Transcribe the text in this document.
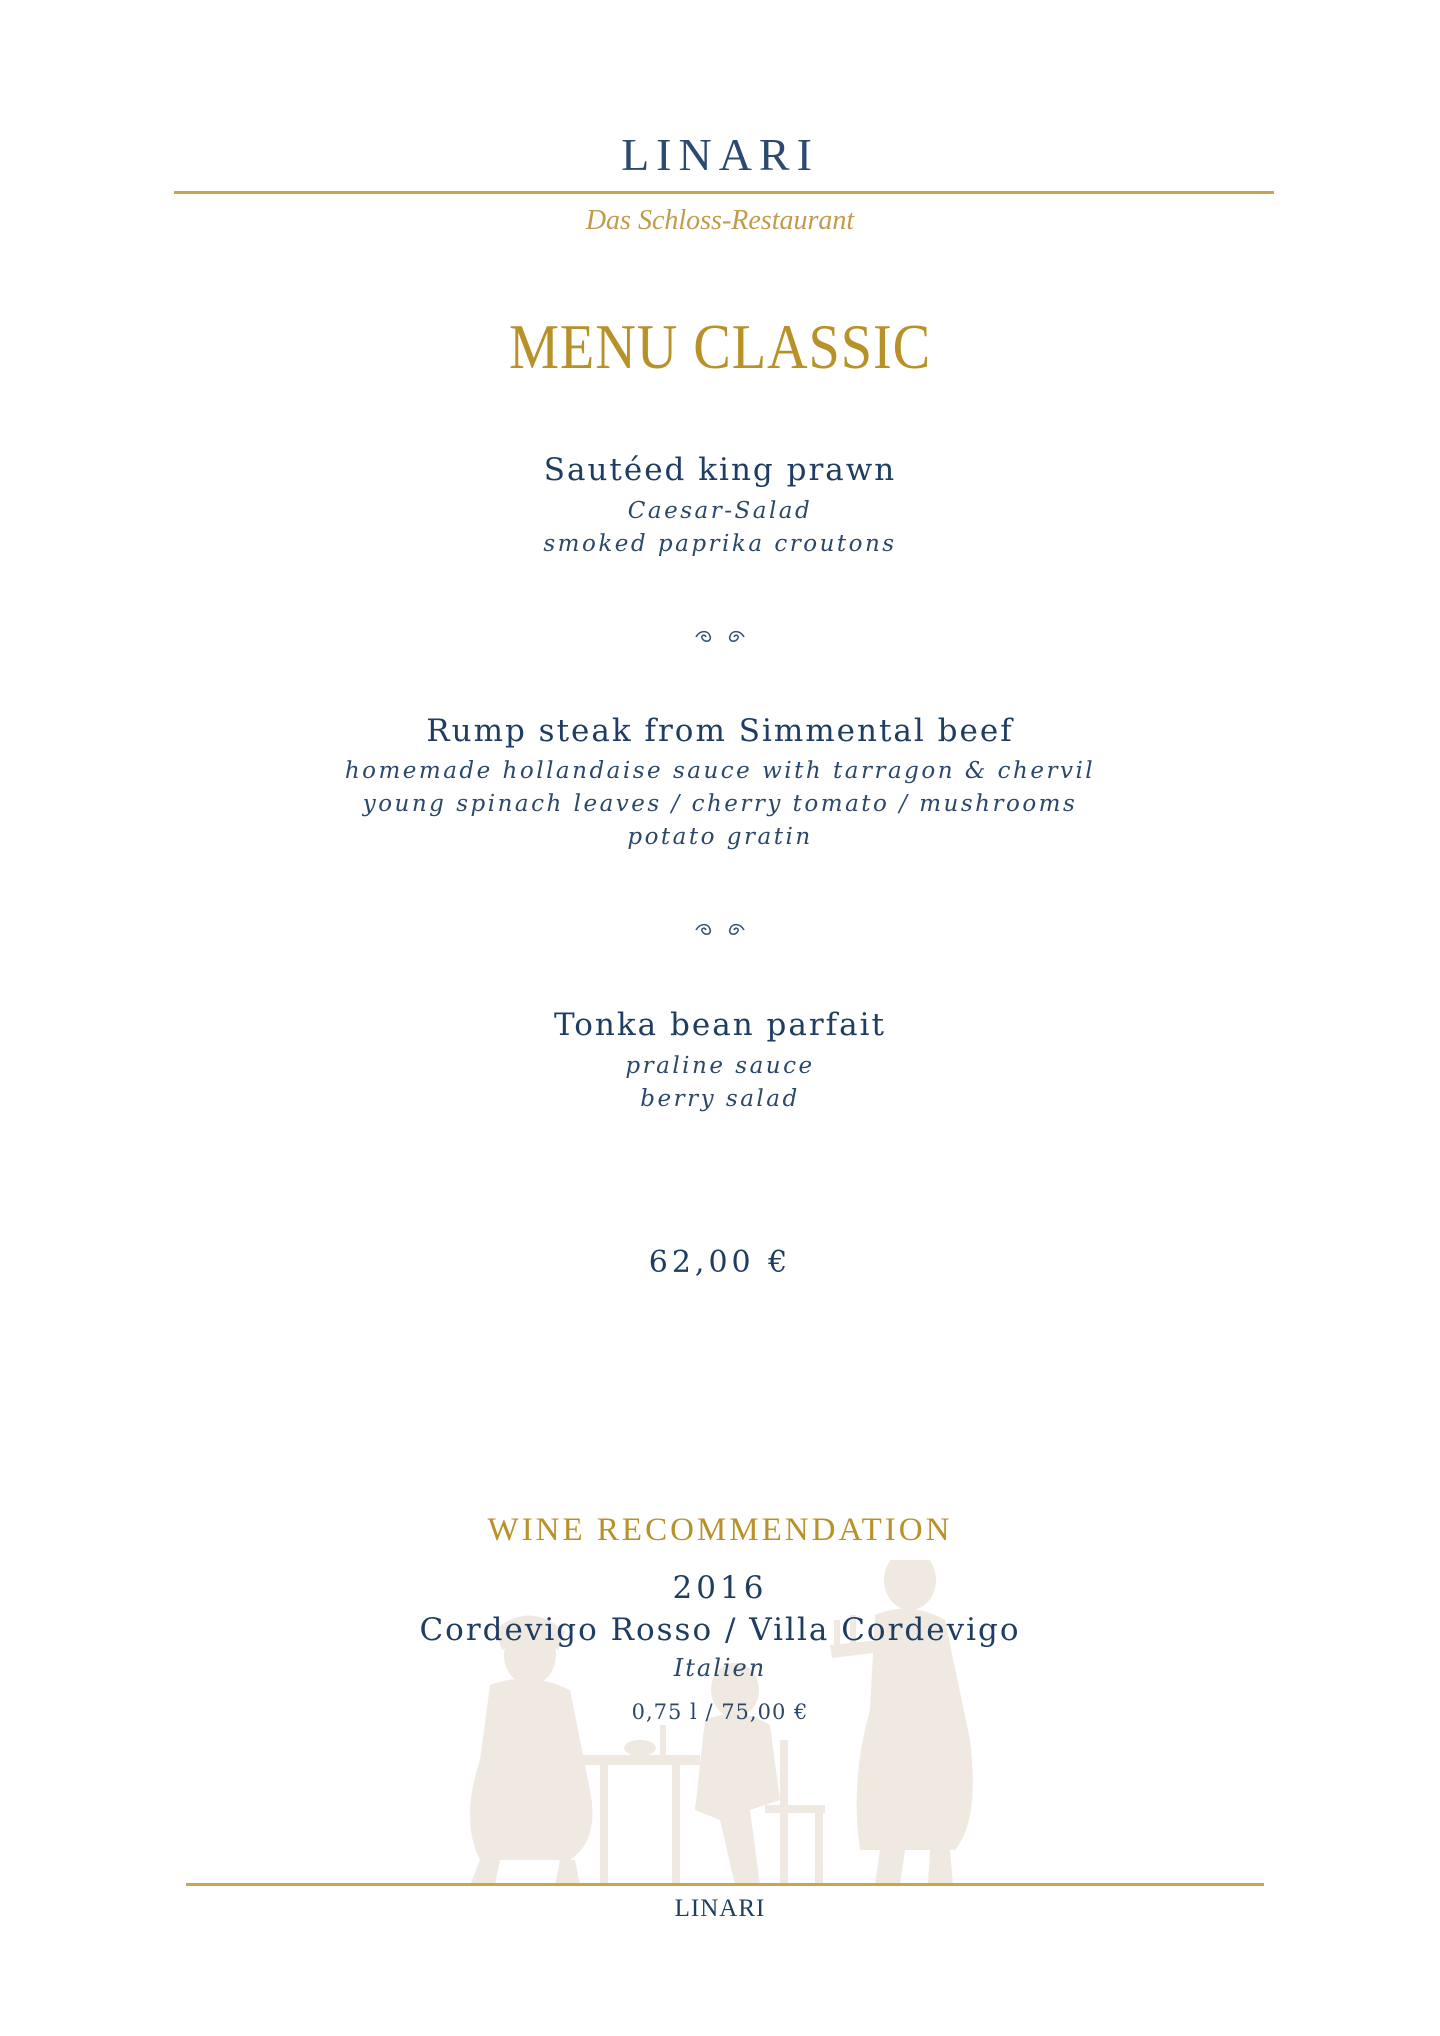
LINARI
Das Schloss-Restaurant
MENU CLASSIC
Sautéed king prawn
Caesar-Salad
smoked paprika croutons
Rump steak from Simmental beef
homemade hollandaise sauce with tarragon & chervil
young spinach leaves / cherry tomato / mushrooms
potato gratin
Tonka bean parfait
praline sauce
berry salad
62,00 €
WINE RECOMMENDATION
2016
Cordevigo Rosso / Villa Cordevigo
Italien
0,75 l / 75,00 €
LINARI
